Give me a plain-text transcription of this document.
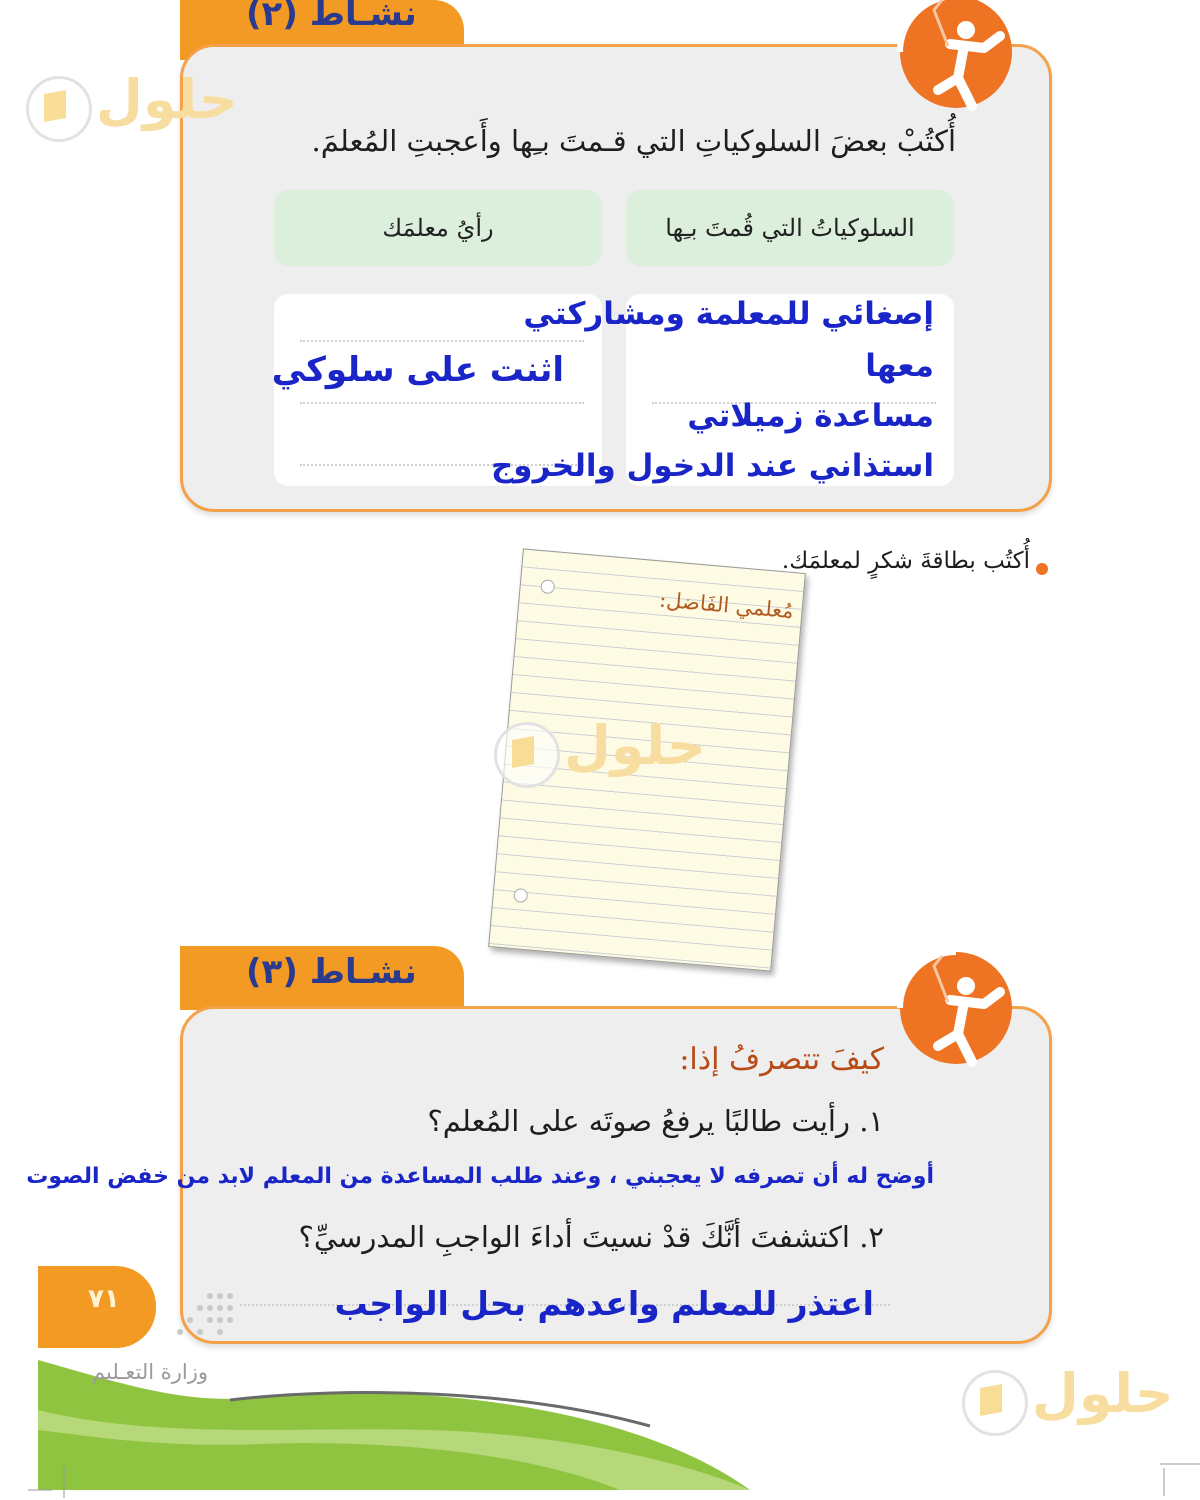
نشـاط (٢)
أُكتُبْ بعضَ السلوكياتِ التي قـمتَ بـِها وأَعجبتِ المُعلمَ.
السلوكياتُ التي قُمتَ بـِها
رأيُ معلمَك
إصغائي للمعلمة ومشاركتي
معها
مساعدة زميلاتي
استذاني عند الدخول والخروج
اثنت على سلوكي
أُكتُب بطاقةَ شكرٍ لمعلمَك.
مُعلمي الفَاضل:
نشـاط (٣)
كيفَ تتصرفُ إذا:
١. رأيت طالبًا يرفعُ صوتَه على المُعلم؟
أوضح له أن تصرفه لا يعجبني ، وعند طلب المساعدة من المعلم لابد من خفض الصوت
٢. اكتشفتَ أنَّكَ قدْ نسيتَ أداءَ الواجبِ المدرسيِّ؟
اعتذر للمعلم واعدهم بحل الواجب
٧١
وزارة التعـليم
حلول
حلول
حلول
